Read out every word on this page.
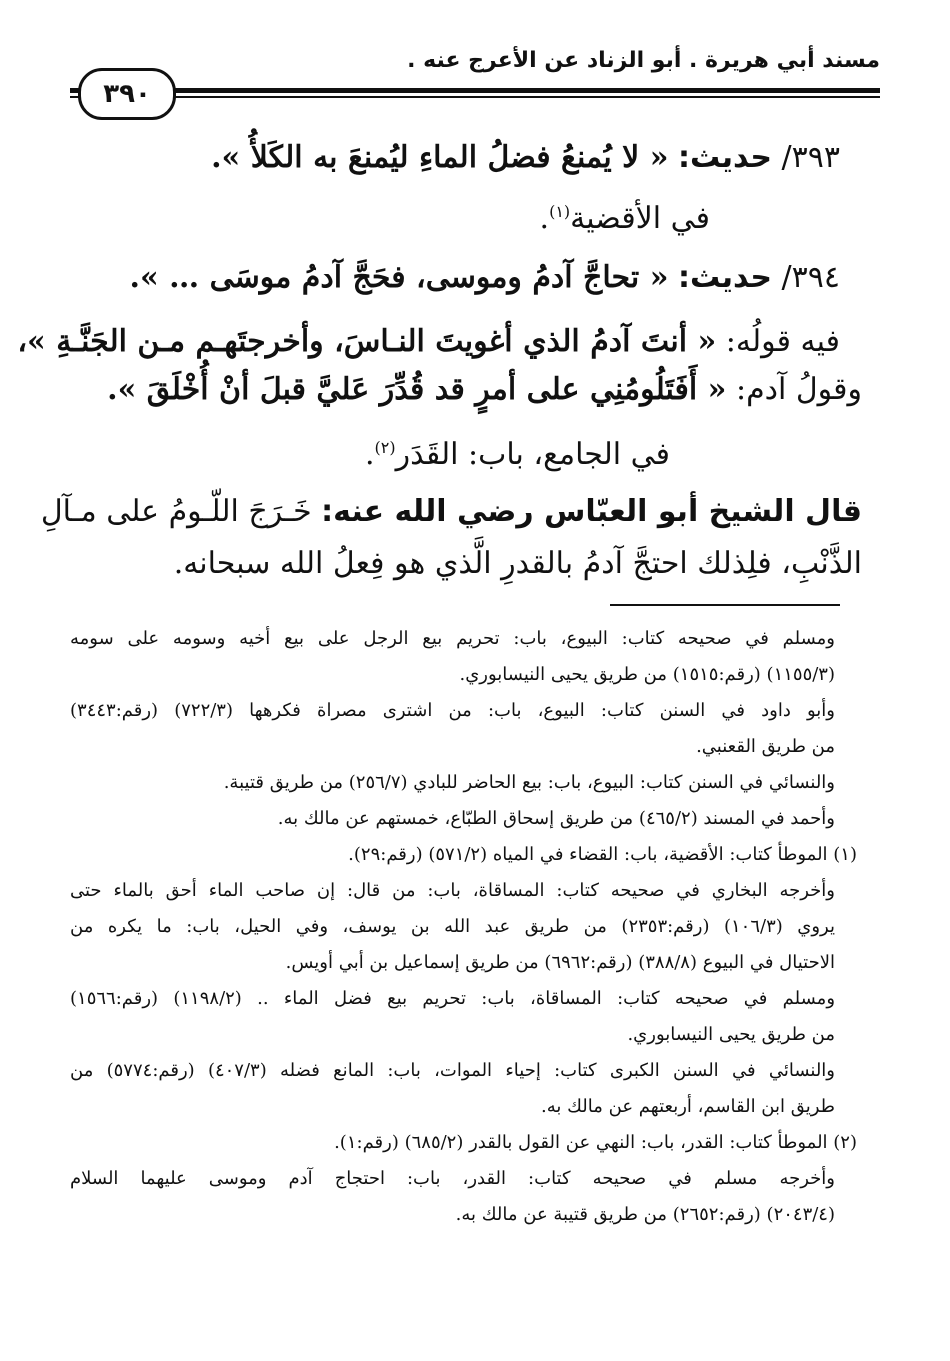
مسند أبي هريرة . أبو الزناد عن الأعرج عنه .
٣٩٠
٣٩٣/ حديث: « لا يُمنعُ فضلُ الماءِ ليُمنعَ به الكَلأُ ».
في الأقضية$^{(١)}$.
٣٩٤/ حديث: « تحاجَّ آدمُ وموسى، فحَجَّ آدمُ موسَى … ».
فيه قولُه: « أنتَ آدمُ الذي أغويتَ النـاسَ، وأخرجتَهـم مـن الجَنَّـةِ »،
وقولُ آدم: « أَفَتَلُومُنِي على أمرٍ قد قُدِّرَ عَليَّ قبلَ أنْ أُخْلَقَ ».
في الجامع، باب: القَدَر$^{(٢)}$.
قال الشيخ أبو العبّاس رضي الله عنه: خَـرَجَ اللّـومُ على مـآلِ
الذَّنْبِ، فلِذلك احتجَّ آدمُ بالقدرِ الَّذي هو فِعلُ الله سبحانه.
ومسلم في صحيحه كتاب: البيوع، باب: تحريم بيع الرجل على بيع أخيه وسومه على سومه
(١١٥٥/٣) (رقم:١٥١٥) من طريق يحيى النيسابوري.
وأبو داود في السنن كتاب: البيوع، باب: من اشترى مصراة فكرهها (٧٢٢/٣) (رقم:٣٤٤٣)
من طريق القعنبي.
والنسائي في السنن كتاب: البيوع، باب: بيع الحاضر للبادي (٢٥٦/٧) من طريق قتيبة.
وأحمد في المسند (٤٦٥/٢) من طريق إسحاق الطبّاع، خمستهم عن مالك به.
(١) الموطأ كتاب: الأقضية، باب: القضاء في المياه (٥٧١/٢) (رقم:٢٩).
وأخرجه البخاري في صحيحه كتاب: المساقاة، باب: من قال: إن صاحب الماء أحق بالماء حتى
يروي (١٠٦/٣) (رقم:٢٣٥٣) من طريق عبد الله بن يوسف، وفي الحيل، باب: ما يكره من
الاحتيال في البيوع (٣٨٨/٨) (رقم:٦٩٦٢) من طريق إسماعيل بن أبي أويس.
ومسلم في صحيحه كتاب: المساقاة، باب: تحريم بيع فضل الماء .. (١١٩٨/٢) (رقم:١٥٦٦)
من طريق يحيى النيسابوري.
والنسائي في السنن الكبرى كتاب: إحياء الموات، باب: المانع فضله (٤٠٧/٣) (رقم:٥٧٧٤) من
طريق ابن القاسم، أربعتهم عن مالك به.
(٢) الموطأ كتاب: القدر، باب: النهي عن القول بالقدر (٦٨٥/٢) (رقم:١).
وأخرجه مسلم في صحيحه كتاب: القدر، باب: احتجاج آدم وموسى عليهما السلام
(٢٠٤٣/٤) (رقم:٢٦٥٢) من طريق قتيبة عن مالك به.
